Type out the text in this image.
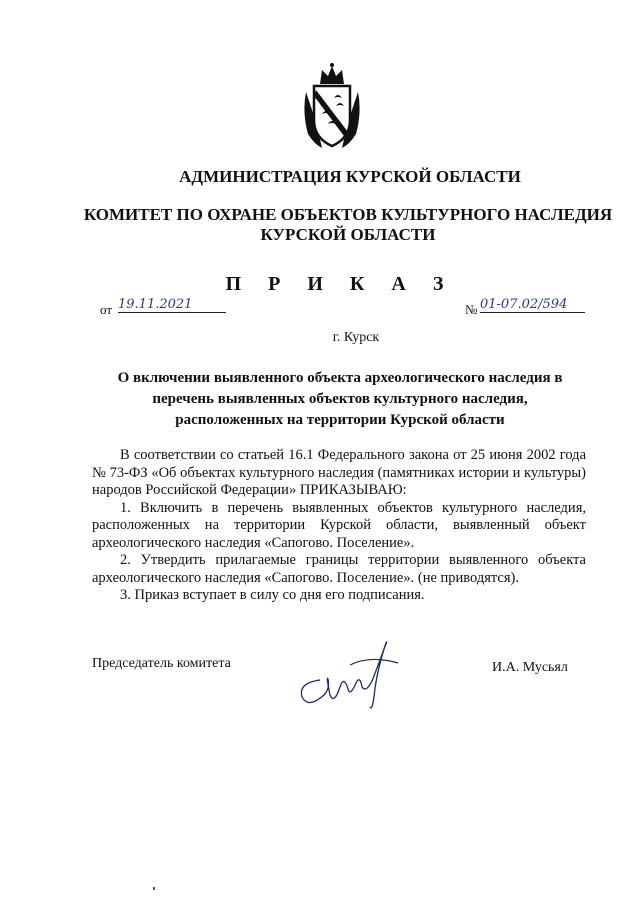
АДМИНИСТРАЦИЯ КУРСКОЙ ОБЛАСТИ
КОМИТЕТ ПО ОХРАНЕ ОБЪЕКТОВ КУЛЬТУРНОГО НАСЛЕДИЯ
КУРСКОЙ ОБЛАСТИ
П Р И К А З
от 19.11.2021	№ 01-07.02/594
г. Курск
О включении выявленного объекта археологического наследия в
перечень выявленных объектов культурного наследия,
расположенных на территории Курской области

В соответствии со статьей 16.1 Федерального закона от 25 июня 2002 года № 73-ФЗ «Об объектах культурного наследия (памятниках истории и культуры) народов Российской Федерации» ПРИКАЗЫВАЮ:

1. Включить в перечень выявленных объектов культурного наследия, расположенных на территории Курской области, выявленный объект археологического наследия «Сапогово. Поселение».

2. Утвердить прилагаемые границы территории выявленного объекта археологического наследия «Сапогово. Поселение». (не приводятся).

3. Приказ вступает в силу со дня его подписания.

Председатель комитета	И.А. Мусьял
